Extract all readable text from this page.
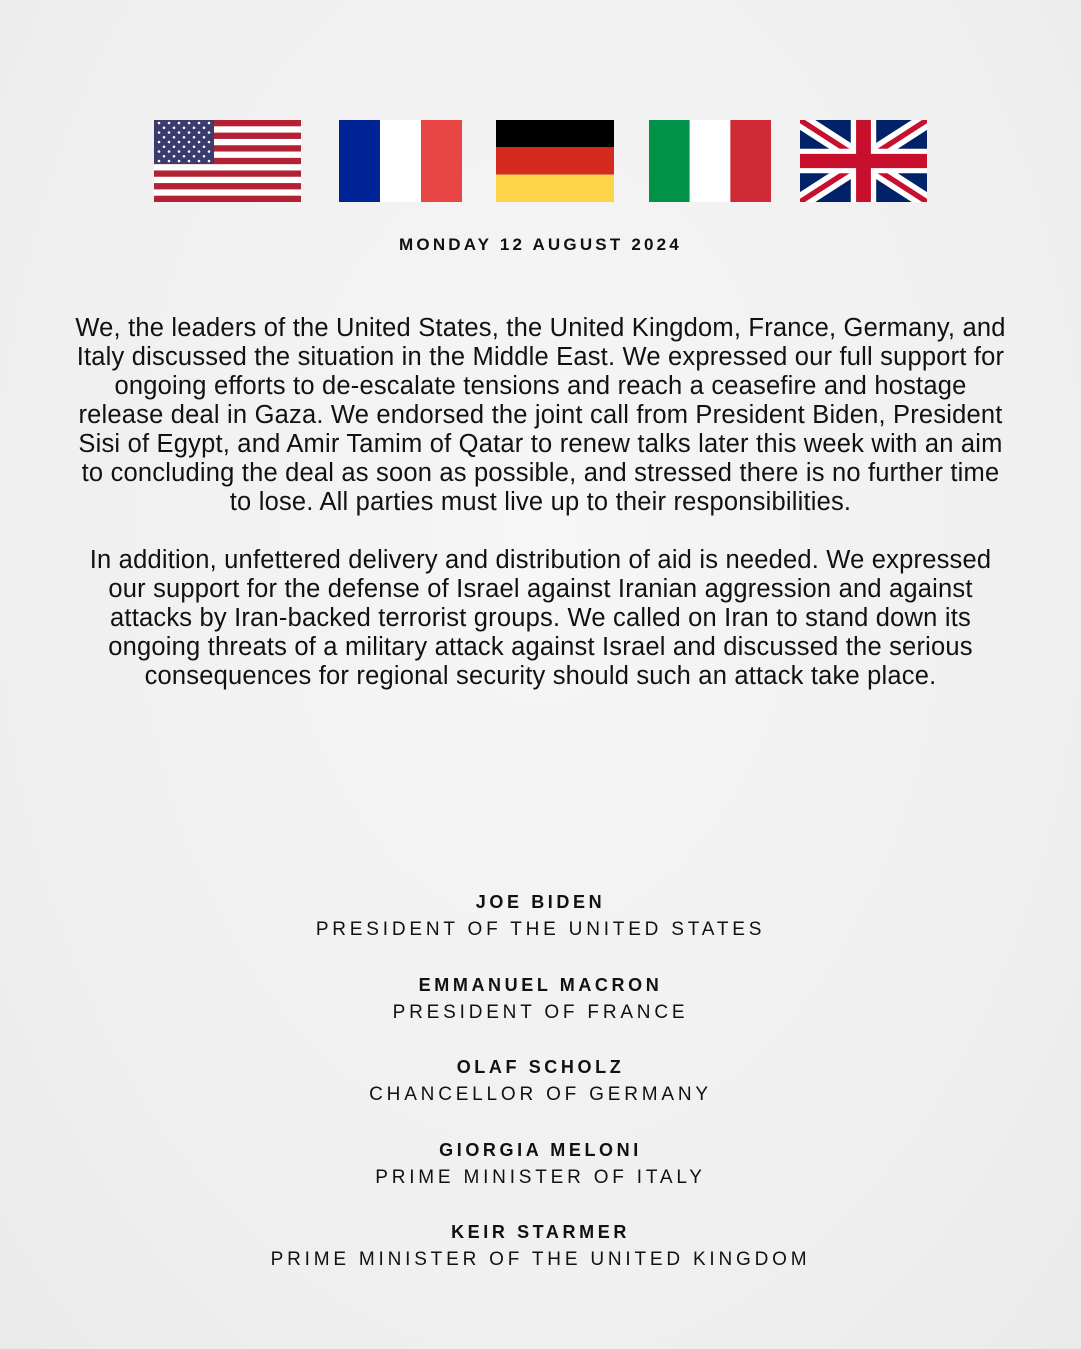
MONDAY 12 AUGUST 2024

We, the leaders of the United States, the United Kingdom, France, Germany, and Italy discussed the situation in the Middle East. We expressed our full support for ongoing efforts to de-escalate tensions and reach a ceasefire and hostage release deal in Gaza. We endorsed the joint call from President Biden, President Sisi of Egypt, and Amir Tamim of Qatar to renew talks later this week with an aim to concluding the deal as soon as possible, and stressed there is no further time to lose. All parties must live up to their responsibilities.

In addition, unfettered delivery and distribution of aid is needed. We expressed our support for the defense of Israel against Iranian aggression and against attacks by Iran-backed terrorist groups. We called on Iran to stand down its ongoing threats of a military attack against Israel and discussed the serious consequences for regional security should such an attack take place.

JOE BIDEN
PRESIDENT OF THE UNITED STATES
EMMANUEL MACRON
PRESIDENT OF FRANCE
OLAF SCHOLZ
CHANCELLOR OF GERMANY
GIORGIA MELONI
PRIME MINISTER OF ITALY
KEIR STARMER
PRIME MINISTER OF THE UNITED KINGDOM
